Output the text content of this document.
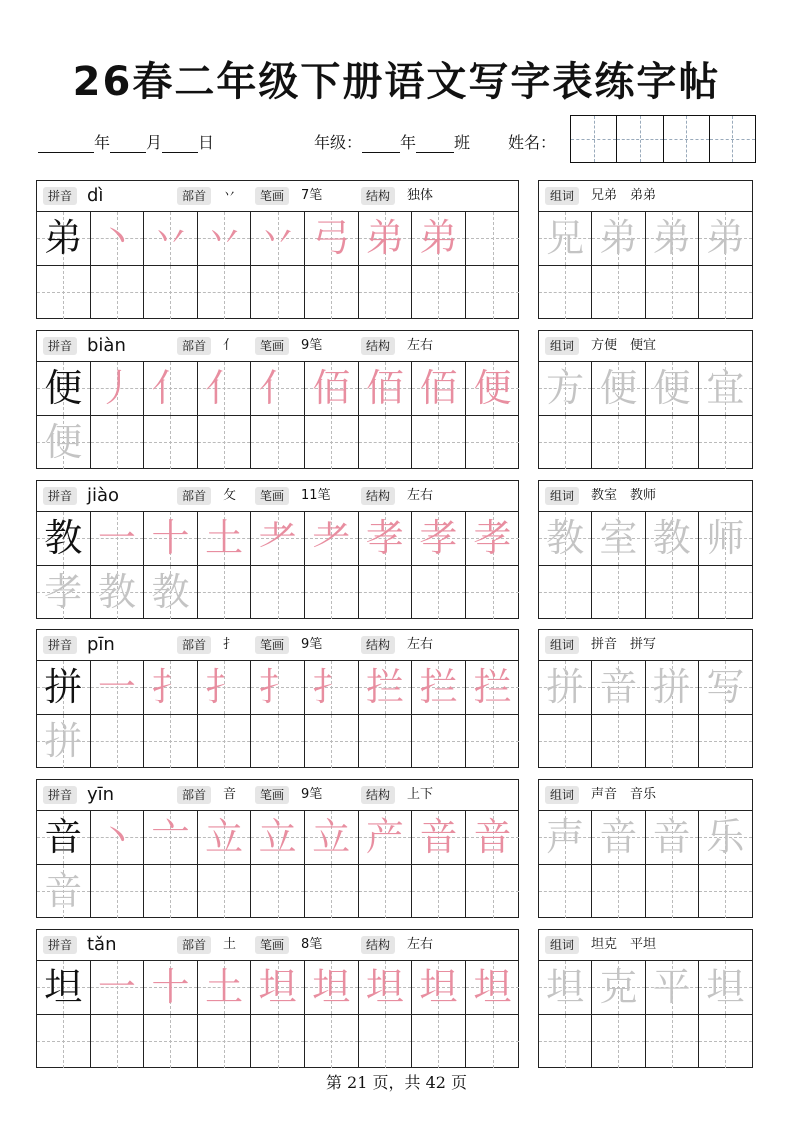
26春二年级下册语文写字表练字帖
年 月 日	年级： 年 班 姓名：
拼音 dì	部首	丷	笔画	7笔	结构	独体
弟 丶 丷 丷 丷 弓 弟 弟
组词	兄弟　弟弟
兄 弟 弟 弟
拼音 biàn	部首	亻	笔画	9笔	结构	左右
便 丿 亻 亻 亻 佰 佰 佰 便
便
组词	方便　便宜
方 便 便 宜
拼音 jiào	部首	攵	笔画	11笔	结构	左右
教 一 十 土 耂 耂 孝 孝 孝
孝 教 教
组词	教室　教师
教 室 教 师
拼音 pīn	部首	扌	笔画	9笔	结构	左右
拼 一 扌 扌 扌 扌 拦 拦 拦
拼
组词	拼音　拼写
拼 音 拼 写
拼音 yīn	部首	音	笔画	9笔	结构	上下
音 丶 亠 立 立 立 产 音 音
音
组词	声音　音乐
声 音 音 乐
拼音 tǎn	部首	土	笔画	8笔	结构	左右
坦 一 十 土 坦 坦 坦 坦 坦
组词	坦克　平坦
坦 克 平 坦
第 21 页，共 42 页
